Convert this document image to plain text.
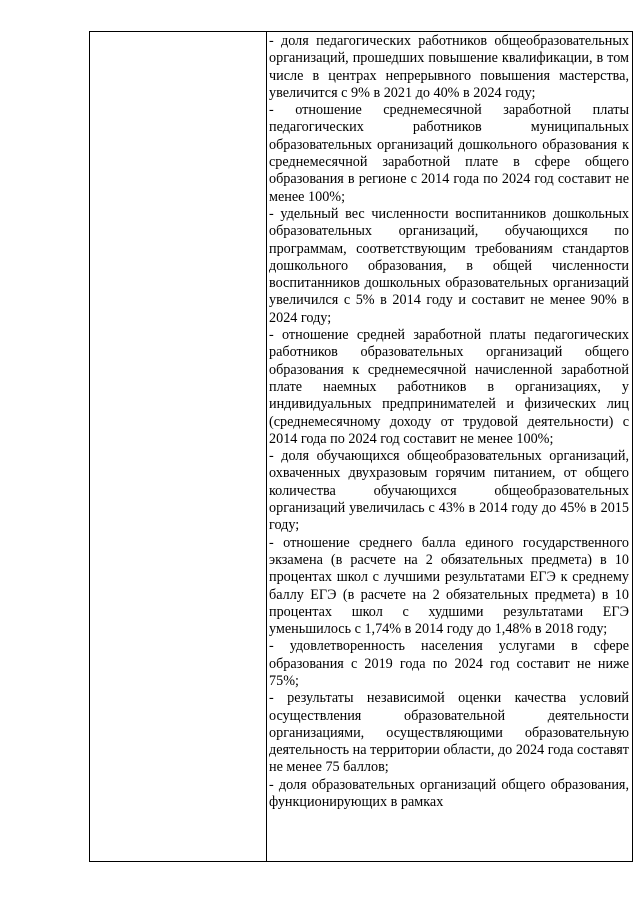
- доля педагогических работников общеобразовательных организаций, прошедших повышение квалификации, в том числе в центрах непрерывного повышения мастерства, увеличится с 9% в 2021 до 40% в 2024 году;

- отношение среднемесячной заработной платы педагогических работников муниципальных образовательных организаций дошкольного образования к среднемесячной заработной плате в сфере общего образования в регионе с 2014 года по 2024 год составит не менее 100%;

- удельный вес численности воспитанников дошкольных образовательных организаций, обучающихся по программам, соответствующим требованиям стандартов дошкольного образования, в общей численности воспитанников дошкольных образовательных организаций увеличился с 5% в 2014 году и составит не менее 90% в 2024 году;

- отношение средней заработной платы педагогических работников образовательных организаций общего образования к среднемесячной начисленной заработной плате наемных работников в организациях, у индивидуальных предпринимателей и физических лиц (среднемесячному доходу от трудовой деятельности) с 2014 года по 2024 год составит не менее 100%;

- доля обучающихся общеобразовательных организаций, охваченных двухразовым горячим питанием, от общего количества обучающихся общеобразовательных организаций увеличилась с 43% в 2014 году до 45% в 2015 году;

- отношение среднего балла единого государственного экзамена (в расчете на 2 обязательных предмета) в 10 процентах школ с лучшими результатами ЕГЭ к среднему баллу ЕГЭ (в расчете на 2 обязательных предмета) в 10 процентах школ с худшими результатами ЕГЭ уменьшилось с 1,74% в 2014 году до 1,48% в 2018 году;

- удовлетворенность населения услугами в сфере образования с 2019 года по 2024 год составит не ниже 75%;

- результаты независимой оценки качества условий осуществления образовательной деятельности организациями, осуществляющими образовательную деятельность на территории области, до 2024 года составят не менее 75 баллов;

- доля образовательных организаций общего образования, функционирующих в рамках
